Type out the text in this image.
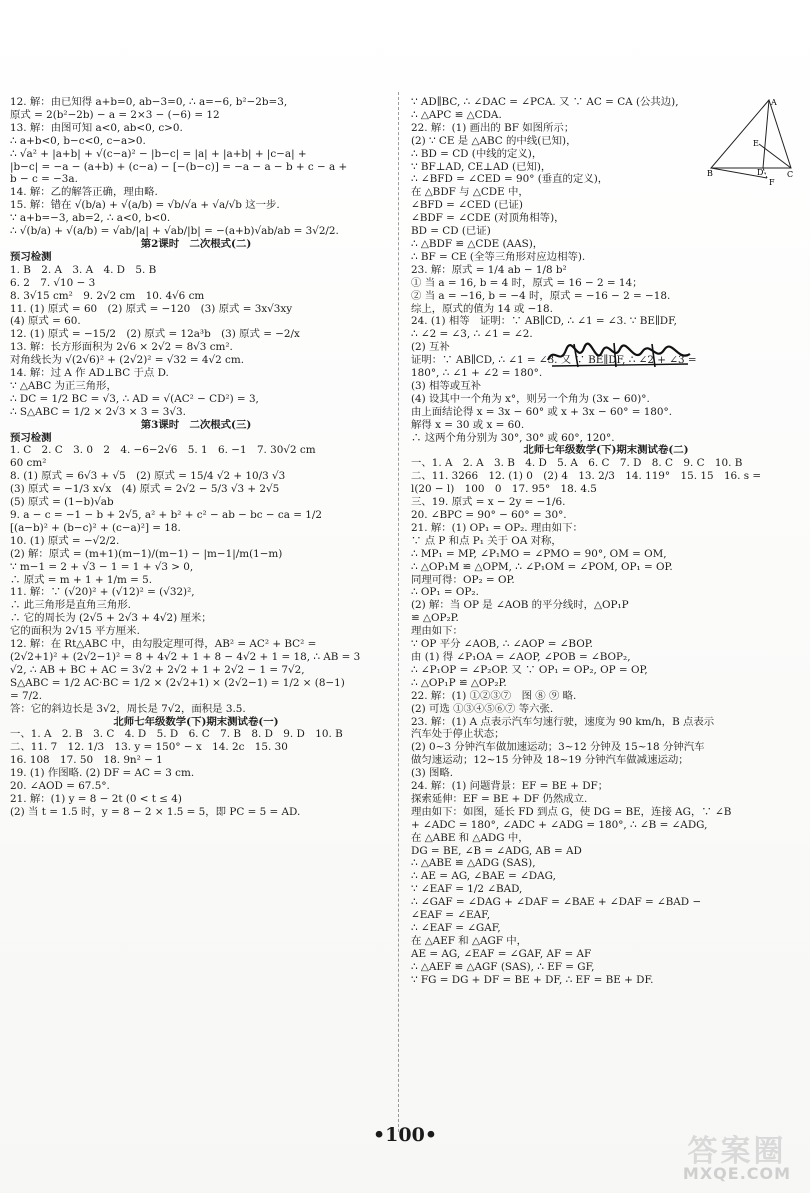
12. 解：由已知得 a+b=0, ab−3=0, ∴ a=−6, b²−2b=3,
原式 = 2(b²−2b) − a = 2×3 − (−6) = 12
13. 解：由图可知 a<0, ab<0, c>0.
∴ a+b<0, b−c<0, c−a>0.
∴ √a² + |a+b| + √(c−a)² − |b−c| = |a| + |a+b| + |c−a| +
|b−c| = −a − (a+b) + (c−a) − [−(b−c)] = −a − a − b + c − a +
b − c = −3a.
14. 解：乙的解答正确，理由略.
15. 解：错在 √(b/a) + √(a/b) = √b/√a + √a/√b 这一步.
∵ a+b=−3, ab=2, ∴ a<0, b<0.
∴ √(b/a) + √(a/b) = √ab/|a| + √ab/|b| = −(a+b)√ab/ab = 3√2/2.
第2课时　二次根式(二)
预习检测
1. B　2. A　3. A　4. D　5. B
6. 2　7. √10 − 3
8. 3√15 cm²　9. 2√2 cm　10. 4√6 cm
11. (1) 原式 = 60　(2) 原式 = −120　(3) 原式 = 3x√3xy
(4) 原式 = 60.
12. (1) 原式 = −15/2　(2) 原式 = 12a³b　(3) 原式 = −2/x
13. 解：长方形面积为 2√6 × 2√2 = 8√3 cm².
对角线长为 √(2√6)² + (2√2)² = √32 = 4√2 cm.
14. 解：过 A 作 AD⊥BC 于点 D.
∵ △ABC 为正三角形，
∴ DC = 1/2 BC = √3, ∴ AD = √(AC² − CD²) = 3,
∴ S△ABC = 1/2 × 2√3 × 3 = 3√3.
第3课时　二次根式(三)
预习检测
1. C　2. C　3. 0　2　4. −6−2√6　5. 1　6. −1　7. 30√2 cm
60 cm²
8. (1) 原式 = 6√3 + √5　(2) 原式 = 15/4 √2 + 10/3 √3
(3) 原式 = −1/3 x√x　(4) 原式 = 2√2 − 5/3 √3 + 2√5
(5) 原式 = (1−b)√ab
9. a − c = −1 − b + 2√5, a² + b² + c² − ab − bc − ca = 1/2
[(a−b)² + (b−c)² + (c−a)²] = 18.
10. (1) 原式 = −√2/2.
(2) 解：原式 = (m+1)(m−1)/(m−1) − |m−1|/m(1−m)
∵ m−1 = 2 + √3 − 1 = 1 + √3 > 0,
∴ 原式 = m + 1 + 1/m = 5.
11. 解：∵ (√20)² + (√12)² = (√32)²,
∴ 此三角形是直角三角形.
∴ 它的周长为 (2√5 + 2√3 + 4√2) 厘米；
它的面积为 2√15 平方厘米.
12. 解：在 Rt△ABC 中，由勾股定理可得，AB² = AC² + BC² =
(2√2+1)² + (2√2−1)² = 8 + 4√2 + 1 + 8 − 4√2 + 1 = 18, ∴ AB = 3
√2, ∴ AB + BC + AC = 3√2 + 2√2 + 1 + 2√2 − 1 = 7√2,
S△ABC = 1/2 AC·BC = 1/2 × (2√2+1) × (2√2−1) = 1/2 × (8−1)
= 7/2.
答：它的斜边长是 3√2，周长是 7√2，面积是 3.5.
北师七年级数学(下)期末测试卷(一)
一、1. A　2. B　3. C　4. D　5. D　6. C　7. B　8. D　9. D　10. B
二、11. 7　12. 1/3　13. y = 150° − x　14. 2c　15. 30
16. 108　17. 50　18. 9n² − 1
19. (1) 作图略. (2) DF = AC = 3 cm.
20. ∠AOD = 67.5°.
21. 解：(1) y = 8 − 2t (0 < t ≤ 4)
(2) 当 t = 1.5 时，y = 8 − 2 × 1.5 = 5，即 PC = 5 = AD.
A
B	C
D
E
F
∵ AD∥BC, ∴ ∠DAC = ∠PCA. 又 ∵ AC = CA (公共边),
∴ △APC ≌ △CDA.
22. 解：(1) 画出的 BF 如图所示；
(2) ∵ CE 是 △ABC 的中线(已知)，
∴ BD = CD (中线的定义)，
∵ BF⊥AD, CE⊥AD (已知)，
∴ ∠BFD = ∠CED = 90° (垂直的定义)，
在 △BDF 与 △CDE 中，
∠BFD = ∠CED (已证)
∠BDF = ∠CDE (对顶角相等)，
BD = CD (已证)
∴ △BDF ≌ △CDE (AAS)，
∴ BF = CE (全等三角形对应边相等).
23. 解：原式 = 1/4 ab − 1/8 b²
① 当 a = 16, b = 4 时，原式 = 16 − 2 = 14；
② 当 a = −16, b = −4 时，原式 = −16 − 2 = −18.
综上，原式的值为 14 或 −18.
24. (1) 相等　证明：∵ AB∥CD, ∴ ∠1 = ∠3. ∵ BE∥DF,
∴ ∠2 = ∠3, ∴ ∠1 = ∠2.
(2) 互补
证明：∵ AB∥CD, ∴ ∠1 = ∠3. 又 ∵ BE∥DF, ∴ ∠2 + ∠3 =
180°, ∴ ∠1 + ∠2 = 180°.
(3) 相等或互补
(4) 设其中一个角为 x°，则另一个角为 (3x − 60)°.
由上面结论得 x = 3x − 60° 或 x + 3x − 60° = 180°.
解得 x = 30 或 x = 60.
∴ 这两个角分别为 30°, 30° 或 60°, 120°.
北师七年级数学(下)期末测试卷(二)
一、1. A　2. A　3. B　4. D　5. A　6. C　7. D　8. C　9. C　10. B
二、11. 3266　12. (1) 0　(2) 4　13. 2/3　14. 119°　15. 15　16. s =
l(20 − l)　100　0　17. 95°　18. 4.5
三、19. 原式 = x − 2y = −1/6.
20. ∠BPC = 90° − 60° = 30°.
21. 解：(1) OP₁ = OP₂. 理由如下：
∵ 点 P 和点 P₁ 关于 OA 对称，
∴ MP₁ = MP, ∠P₁MO = ∠PMO = 90°, OM = OM,
∴ △OP₁M ≌ △OPM, ∴ ∠P₁OM = ∠POM, OP₁ = OP.
同理可得：OP₂ = OP.
∴ OP₁ = OP₂.
(2) 解：当 OP 是 ∠AOB 的平分线时，△OP₁P
≌ △OP₂P.
理由如下：
∵ OP 平分 ∠AOB, ∴ ∠AOP = ∠BOP.
由 (1) 得 ∠P₁OA = ∠AOP, ∠POB = ∠BOP₂,
∴ ∠P₁OP = ∠P₂OP. 又 ∵ OP₁ = OP₂, OP = OP,
∴ △OP₁P ≌ △OP₂P.
22. 解：(1) ①②③⑦　图 ⑧ ⑨ 略.
(2) 可选 ①③④⑤⑥⑦ 等六张.
23. 解：(1) A 点表示汽车匀速行驶，速度为 90 km/h，B 点表示
汽车处于停止状态；
(2) 0~3 分钟汽车做加速运动；3~12 分钟及 15~18 分钟汽车
做匀速运动；12~15 分钟及 18~19 分钟汽车做减速运动；
(3) 图略.
24. 解：(1) 问题背景：EF = BE + DF；
探索延伸：EF = BE + DF 仍然成立.
理由如下：如图，延长 FD 到点 G，使 DG = BE，连接 AG，∵ ∠B
+ ∠ADC = 180°, ∠ADC + ∠ADG = 180°, ∴ ∠B = ∠ADG,
在 △ABE 和 △ADG 中，
DG = BE, ∠B = ∠ADG, AB = AD
∴ △ABE ≌ △ADG (SAS),
∴ AE = AG, ∠BAE = ∠DAG,
∵ ∠EAF = 1/2 ∠BAD,
∴ ∠GAF = ∠DAG + ∠DAF = ∠BAE + ∠DAF = ∠BAD −
∠EAF = ∠EAF,
∴ ∠EAF = ∠GAF,
在 △AEF 和 △AGF 中，
AE = AG, ∠EAF = ∠GAF, AF = AF
∴ △AEF ≌ △AGF (SAS), ∴ EF = GF,
∵ FG = DG + DF = BE + DF, ∴ EF = BE + DF.
•100•	答案圈
MXQE.COM
